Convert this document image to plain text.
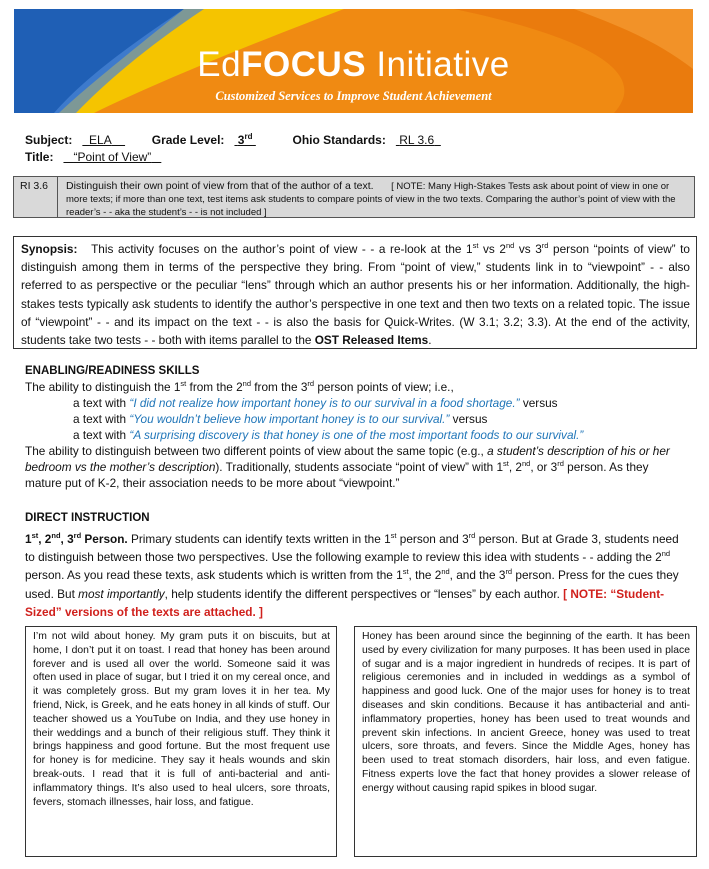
EdFOCUS Initiative
Customized Services to Improve Student Achievement
Subject: ELA	Grade Level: 3rd	Ohio Standards: RL 3.6
Title: “Point of View”
RI 3.6 Distinguish their own point of view from that of the author of a text. [ NOTE: Many High-Stakes Tests ask about point of view in one or more texts; if more than one text, test items ask students to compare points of view in the two texts. Comparing the author’s point of view with the reader’s - - aka the student’s - - is not included ]
Synopsis: This activity focuses on the author’s point of view - - a re-look at the 1st vs 2nd vs 3rd person “points of view” to distinguish among them in terms of the perspective they bring. From “point of view,” students link in to “viewpoint” - - also referred to as perspective or the peculiar “lens” through which an author presents his or her information. Additionally, the high-stakes tests typically ask students to identify the author’s perspective in one text and then two texts on a related topic. The issue of “viewpoint” - - and its impact on the text - - is also the basis for Quick-Writes. (W 3.1; 3.2; 3.3). At the end of the activity, students take two tests - - both with items parallel to the OST Released Items.
ENABLING/READINESS SKILLS
The ability to distinguish the 1st from the 2nd from the 3rd person points of view; i.e.,
a text with “I did not realize how important honey is to our survival in a food shortage.” versus
a text with “You wouldn’t believe how important honey is to our survival.” versus
a text with “A surprising discovery is that honey is one of the most important foods to our survival.”
The ability to distinguish between two different points of view about the same topic (e.g., a student’s description of his or her bedroom vs the mother’s description). Traditionally, students associate “point of view” with 1st, 2nd, or 3rd person. As they mature put of K-2, their association needs to be more about “viewpoint.”
DIRECT INSTRUCTION
1st, 2nd, 3rd Person. Primary students can identify texts written in the 1st person and 3rd person. But at Grade 3, students need to distinguish between those two perspectives. Use the following example to review this idea with students - - adding the 2nd person. As you read these texts, ask students which is written from the 1st, the 2nd, and the 3rd person. Press for the cues they used. But most importantly, help students identify the different perspectives or “lenses” by each author. [ NOTE: “Student-Sized” versions of the texts are attached. ]
I’m not wild about honey. My gram puts it on biscuits, but at home, I don’t put it on toast. I read that honey has been around forever and is used all over the world. Someone said it was often used in place of sugar, but I tried it on my cereal once, and it was completely gross. But my gram loves it in her tea. My friend, Nick, is Greek, and he eats honey in all kinds of stuff. Our teacher showed us a YouTube on India, and they use honey in their weddings and a bunch of their religious stuff. They think it brings happiness and good fortune. But the most frequent use for honey is for medicine. They say it heals wounds and skin break-outs. I read that it is full of anti-bacterial and anti-inflammatory things. It’s also used to heal ulcers, sore throats, fevers, stomach illnesses, hair loss, and fatigue.
Honey has been around since the beginning of the earth. It has been used by every civilization for many purposes. It has been used in place of sugar and is a major ingredient in hundreds of recipes. It is part of religious ceremonies and in included in weddings as a symbol of happiness and good luck. One of the major uses for honey is to treat diseases and skin conditions. Because it has antibacterial and anti-inflammatory properties, honey has been used to treat wounds and prevent skin infections. In ancient Greece, honey was used to treat ulcers, sore throats, and fevers. Since the Middle Ages, honey has been used to treat stomach disorders, hair loss, and even fatigue. Fitness experts love the fact that honey provides a slower release of energy without causing rapid spikes in blood sugar.
